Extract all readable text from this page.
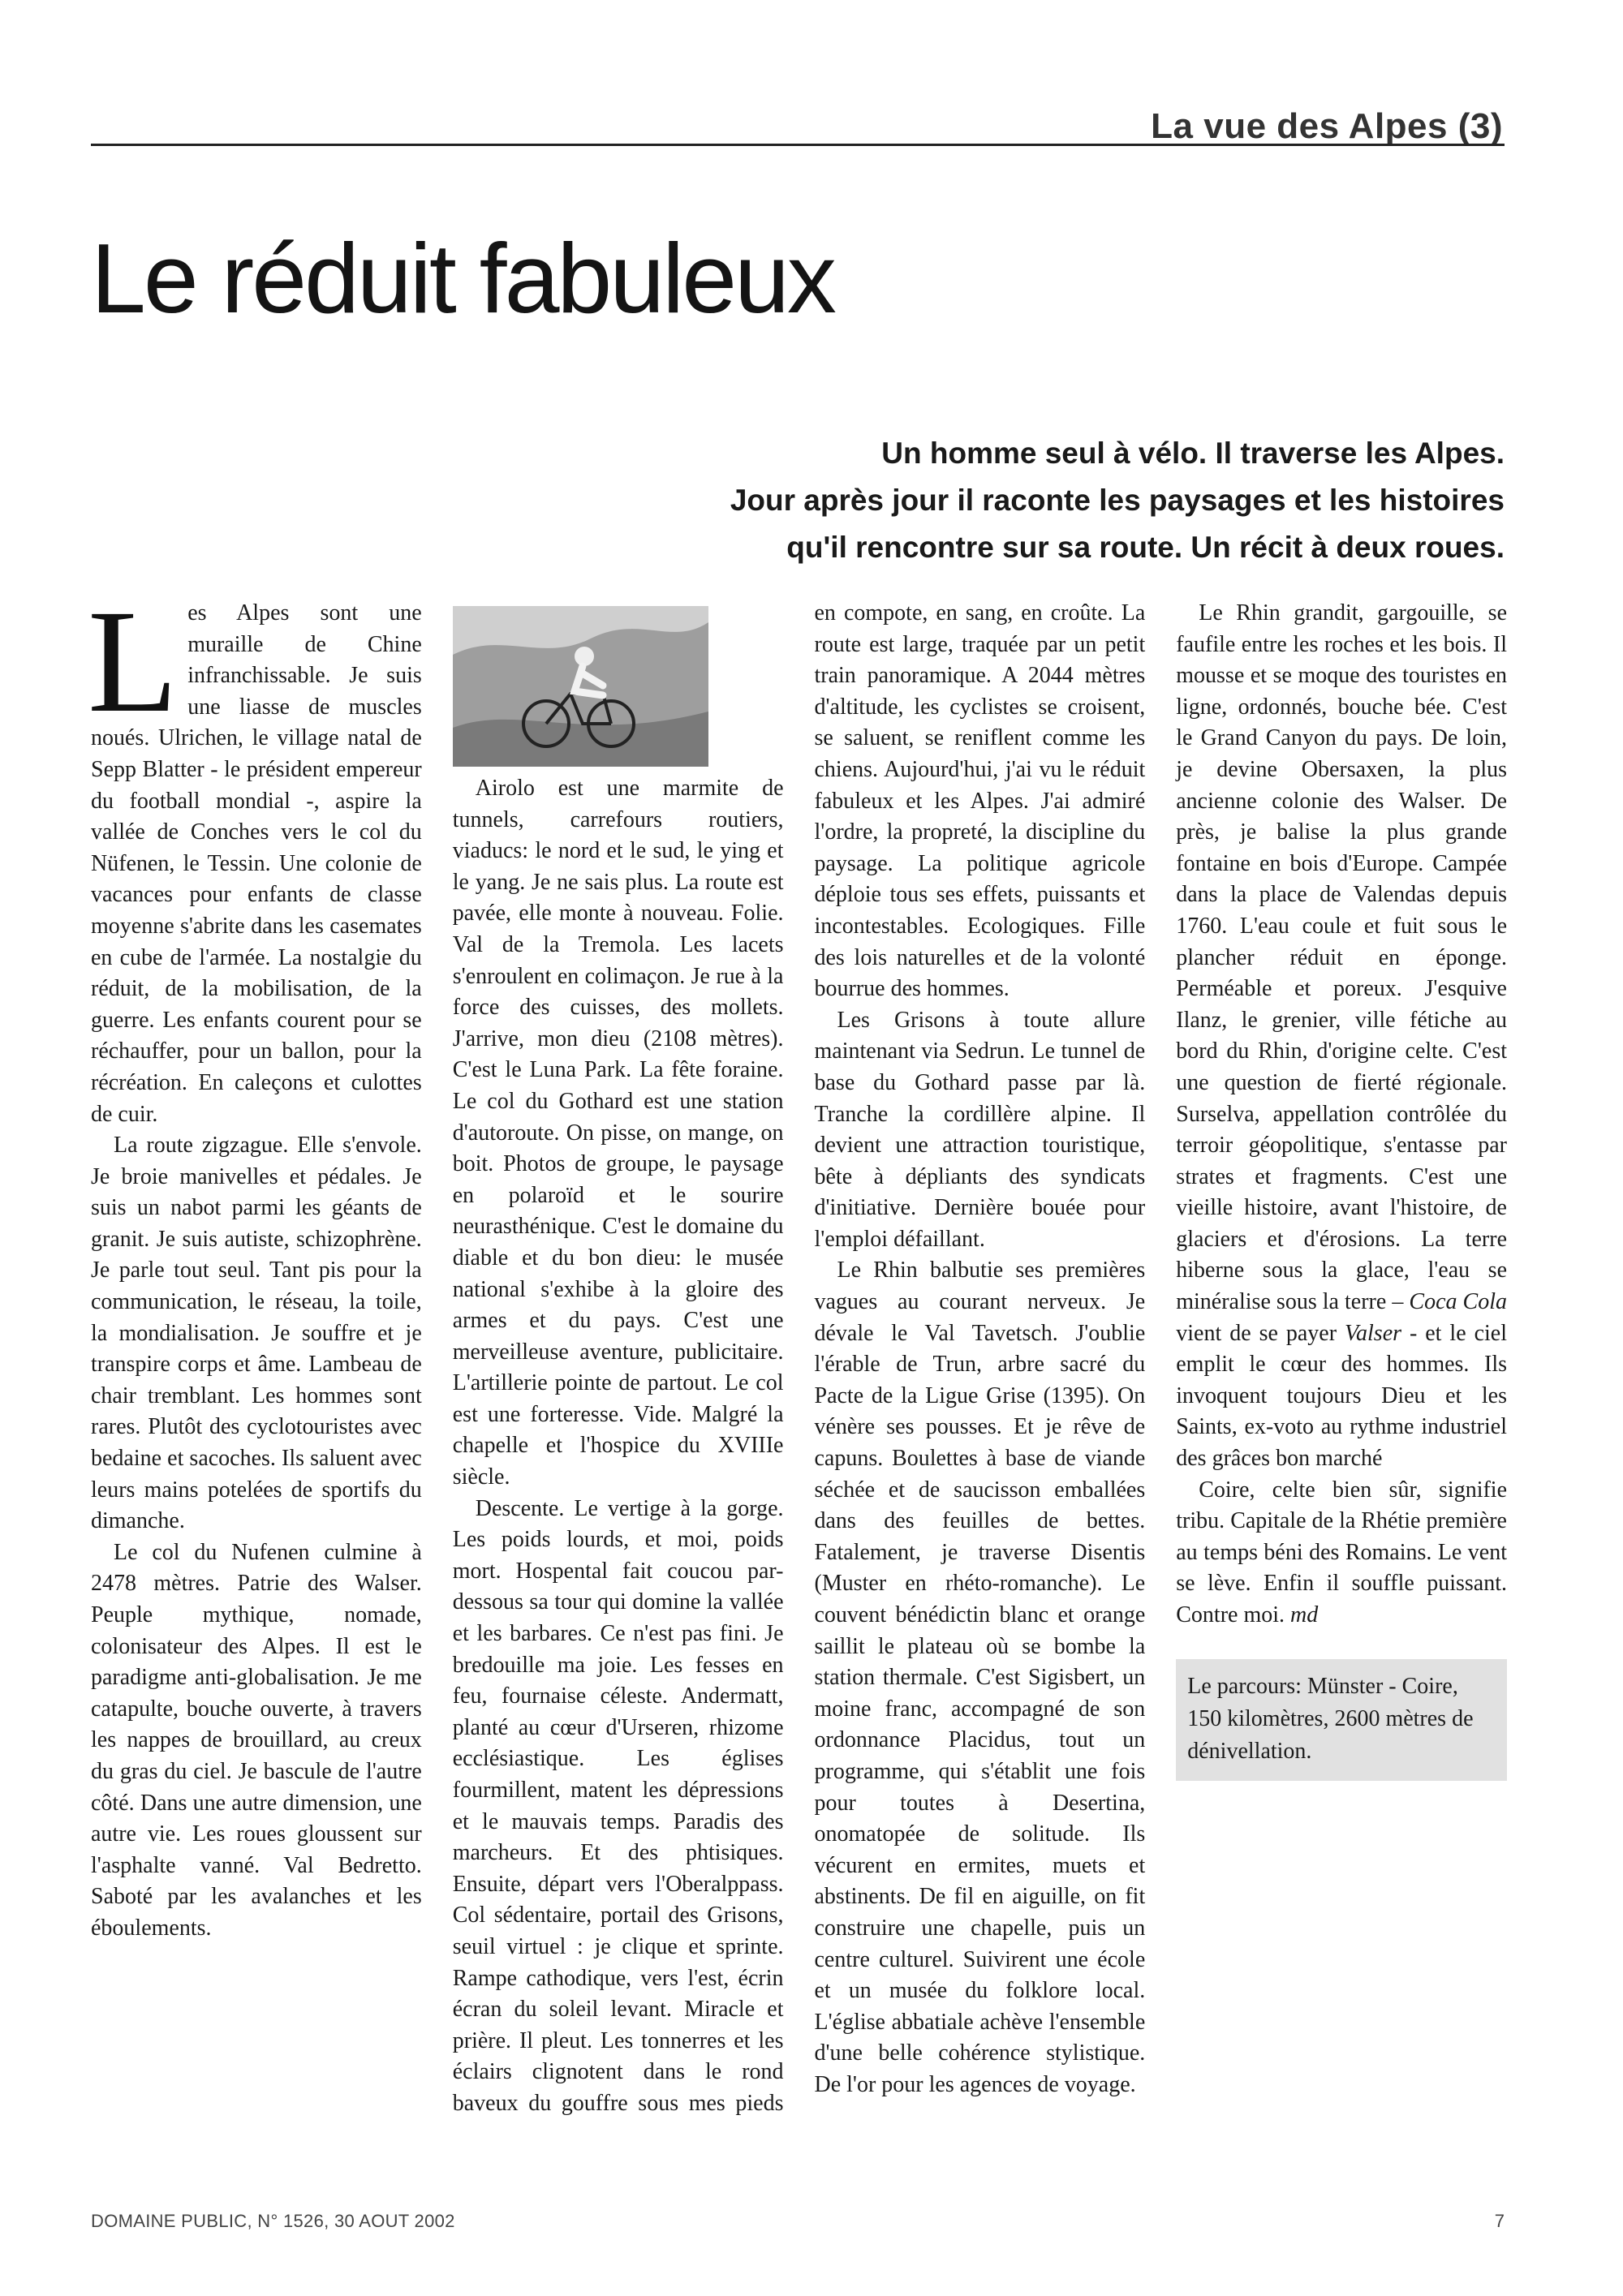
La vue des Alpes (3)
Le réduit fabuleux
Un homme seul à vélo. Il traverse les Alpes.
Jour après jour il raconte les paysages et les histoires
qu'il rencontre sur sa route. Un récit à deux roues.

Les Alpes sont une muraille de Chine infranchissable. Je suis une liasse de muscles noués. Ulrichen, le village natal de Sepp Blatter - le président empereur du football mondial -, aspire la vallée de Conches vers le col du Nüfenen, le Tessin. Une colonie de vacances pour enfants de classe moyenne s'abrite dans les casemates en cube de l'armée. La nostalgie du réduit, de la mobilisation, de la guerre. Les enfants courent pour se réchauffer, pour un ballon, pour la récréation. En caleçons et culottes de cuir.

La route zigzague. Elle s'envole. Je broie manivelles et pédales. Je suis un nabot parmi les géants de granit. Je suis autiste, schizophrène. Je parle tout seul. Tant pis pour la communication, le réseau, la toile, la mondialisation. Je souffre et je transpire corps et âme. Lambeau de chair tremblant. Les hommes sont rares. Plutôt des cyclotouristes avec bedaine et sacoches. Ils saluent avec leurs mains potelées de sportifs du dimanche.

Le col du Nufenen culmine à 2478 mètres. Patrie des Walser. Peuple mythique, nomade, colonisateur des Alpes. Il est le paradigme anti-globalisation. Je me catapulte, bouche ouverte, à travers les nappes de brouillard, au creux du gras du ciel. Je bascule de l'autre côté. Dans une autre dimension, une autre vie. Les roues gloussent sur l'asphalte vanné. Val Bedretto. Saboté par les avalanches et les éboulements.

Airolo est une marmite de tunnels, carrefours routiers, viaducs: le nord et le sud, le ying et le yang. Je ne sais plus. La route est pavée, elle monte à nouveau. Folie. Val de la Tremola. Les lacets s'enroulent en colimaçon. Je rue à la force des cuisses, des mollets. J'arrive, mon dieu (2108 mètres). C'est le Luna Park. La fête foraine. Le col du Gothard est une station d'autoroute. On pisse, on mange, on boit. Photos de groupe, le paysage en polaroïd et le sourire neurasthénique. C'est le domaine du diable et du bon dieu: le musée national s'exhibe à la gloire des armes et du pays. C'est une merveilleuse aventure, publicitaire. L'artillerie pointe de partout. Le col est une forteresse. Vide. Malgré la chapelle et l'hospice du XVIIIe siècle.

Descente. Le vertige à la gorge. Les poids lourds, et moi, poids mort. Hospental fait coucou par-dessous sa tour qui domine la vallée et les barbares. Ce n'est pas fini. Je bredouille ma joie. Les fesses en feu, fournaise céleste. Andermatt, planté au cœur d'Urseren, rhizome ecclésiastique. Les églises fourmillent, matent les dépressions et le mauvais temps. Paradis des marcheurs. Et des phtisiques. Ensuite, départ vers l'Oberalppass. Col sédentaire, portail des Grisons, seuil virtuel : je clique et sprinte. Rampe cathodique, vers l'est, écrin écran du soleil levant. Miracle et prière. Il pleut. Les tonnerres et les éclairs clignotent dans le rond baveux du gouffre sous mes pieds en compote, en sang, en croûte. La route est large, traquée par un petit train panoramique. A 2044 mètres d'altitude, les cyclistes se croisent, se saluent, se reniflent comme les chiens. Aujourd'hui, j'ai vu le réduit fabuleux et les Alpes. J'ai admiré l'ordre, la propreté, la discipline du paysage. La politique agricole déploie tous ses effets, puissants et incontestables. Ecologiques. Fille des lois naturelles et de la volonté bourrue des hommes.

Les Grisons à toute allure maintenant via Sedrun. Le tunnel de base du Gothard passe par là. Tranche la cordillère alpine. Il devient une attraction touristique, bête à dépliants des syndicats d'initiative. Dernière bouée pour l'emploi défaillant.

Le Rhin balbutie ses premières vagues au courant nerveux. Je dévale le Val Tavetsch. J'oublie l'érable de Trun, arbre sacré du Pacte de la Ligue Grise (1395). On vénère ses pousses. Et je rêve de capuns. Boulettes à base de viande séchée et de saucisson emballées dans des feuilles de bettes. Fatalement, je traverse Disentis (Muster en rhéto-romanche). Le couvent bénédictin blanc et orange saillit le plateau où se bombe la station thermale. C'est Sigisbert, un moine franc, accompagné de son ordonnance Placidus, tout un programme, qui s'établit une fois pour toutes à Desertina, onomatopée de solitude. Ils vécurent en ermites, muets et abstinents. De fil en aiguille, on fit construire une chapelle, puis un centre culturel. Suivirent une école et un musée du folklore local. L'église abbatiale achève l'ensemble d'une belle cohérence stylistique. De l'or pour les agences de voyage.

Le Rhin grandit, gargouille, se faufile entre les roches et les bois. Il mousse et se moque des touristes en ligne, ordonnés, bouche bée. C'est le Grand Canyon du pays. De loin, je devine Obersaxen, la plus ancienne colonie des Walser. De près, je balise la plus grande fontaine en bois d'Europe. Campée dans la place de Valendas depuis 1760. L'eau coule et fuit sous le plancher réduit en éponge. Perméable et poreux. J'esquive Ilanz, le grenier, ville fétiche au bord du Rhin, d'origine celte. C'est une question de fierté régionale. Surselva, appellation contrôlée du terroir géopolitique, s'entasse par strates et fragments. C'est une vieille histoire, avant l'histoire, de glaciers et d'érosions. La terre hiberne sous la glace, l'eau se minéralise sous la terre – Coca Cola vient de se payer Valser - et le ciel emplit le cœur des hommes. Ils invoquent toujours Dieu et les Saints, ex-voto au rythme industriel des grâces bon marché

Coire, celte bien sûr, signifie tribu. Capitale de la Rhétie première au temps béni des Romains. Le vent se lève. Enfin il souffle puissant. Contre moi. md

Le parcours: Münster - Coire, 150 kilomètres, 2600 mètres de dénivellation.

DOMAINE PUBLIC, N° 1526, 30 AOUT 2002	7
